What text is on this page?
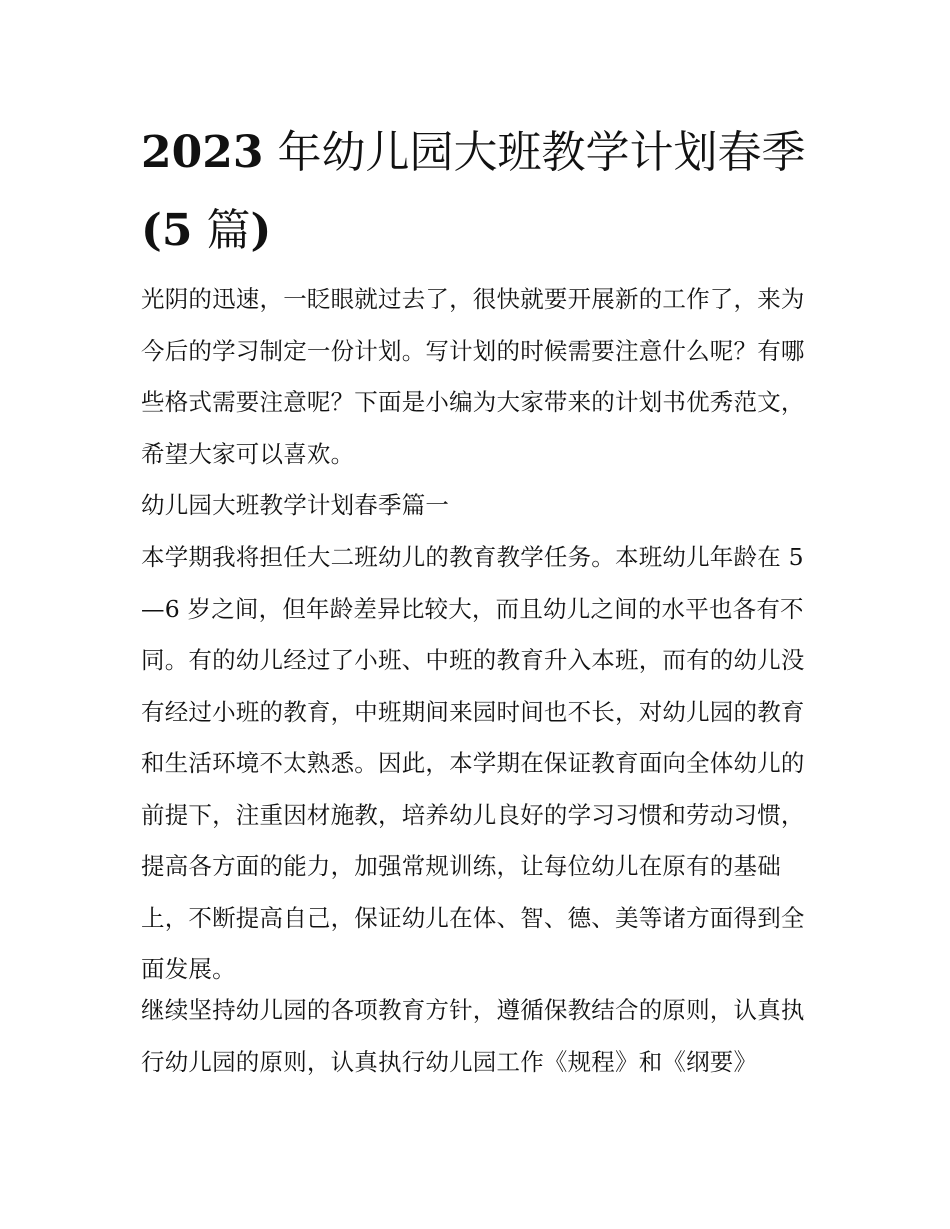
2023 年幼儿园大班教学计划春季(5 篇)

光阴的迅速，一眨眼就过去了，很快就要开展新的工作了，来为今后的学习制定一份计划。写计划的时候需要注意什么呢？有哪些格式需要注意呢？下面是小编为大家带来的计划书优秀范文，希望大家可以喜欢。

幼儿园大班教学计划春季篇一

本学期我将担任大二班幼儿的教育教学任务。本班幼儿年龄在 5—6 岁之间，但年龄差异比较大，而且幼儿之间的水平也各有不同。有的幼儿经过了小班、中班的教育升入本班，而有的幼儿没有经过小班的教育，中班期间来园时间也不长，对幼儿园的教育和生活环境不太熟悉。因此，本学期在保证教育面向全体幼儿的前提下，注重因材施教，培养幼儿良好的学习习惯和劳动习惯，提高各方面的能力，加强常规训练，让每位幼儿在原有的基础上，不断提高自己，保证幼儿在体、智、德、美等诸方面得到全面发展。

继续坚持幼儿园的各项教育方针，遵循保教结合的原则，认真执行幼儿园的原则，认真执行幼儿园工作《规程》和《纲要》
